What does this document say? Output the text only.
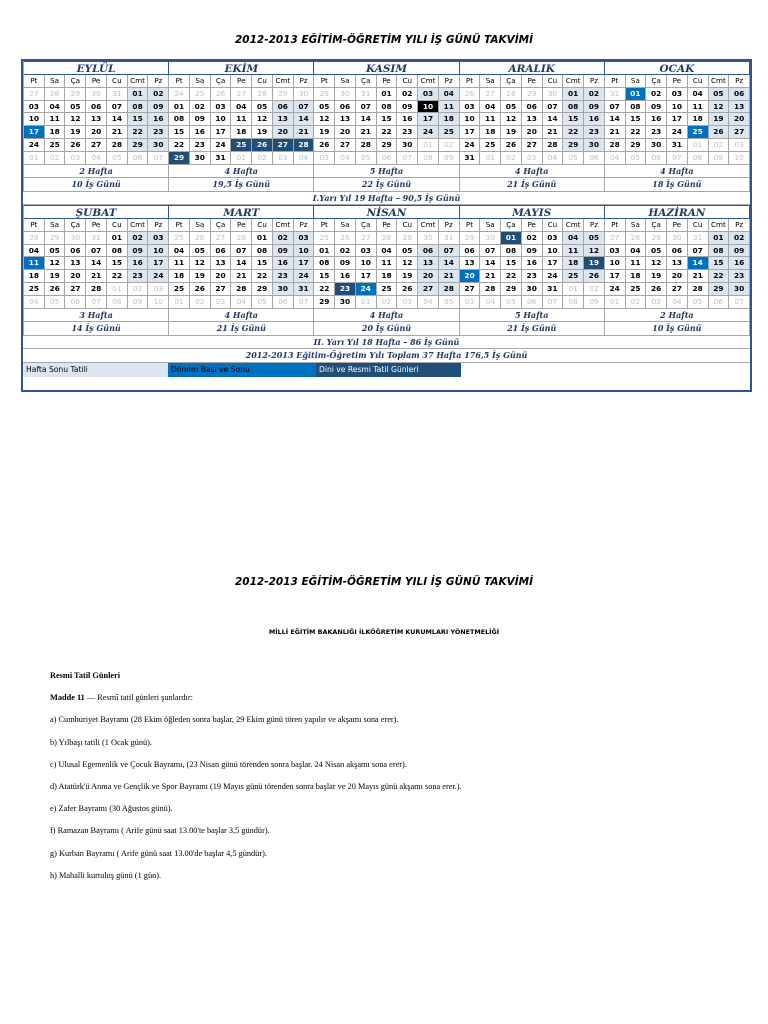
2012-2013 EĞİTİM-ÖĞRETİM YILI İŞ GÜNÜ TAKVİMİ
EYLÜL	EKİM	KASIM	ARALIK	OCAK
Pt	Sa	Ça	Pe	Cu	Cmt	Pz	Pt	Sa	Ça	Pe	Cu	Cmt	Pz	Pt	Sa	Ça	Pe	Cu	Cmt	Pz	Pt	Sa	Ça	Pe	Cu	Cmt	Pz	Pt	Sa	Ça	Pe	Cu	Cmt	Pz
27	28	29	30	31	01	02	24	25	26	27	28	29	30	29	30	31	01	02	03	04	26	27	28	29	30	01	02	31	01	02	03	04	05	06
03	04	05	06	07	08	09	01	02	03	04	05	06	07	05	06	07	08	09	10	11	03	04	05	06	07	08	09	07	08	09	10	11	12	13
10	11	12	13	14	15	16	08	09	10	11	12	13	14	12	13	14	15	16	17	18	10	11	12	13	14	15	16	14	15	16	17	18	19	20
17	18	19	20	21	22	23	15	16	17	18	19	20	21	19	20	21	22	23	24	25	17	18	19	20	21	22	23	21	22	23	24	25	26	27
24	25	26	27	28	29	30	22	23	24	25	26	27	28	26	27	28	29	30	01	02	24	25	26	27	28	29	30	28	29	30	31	01	02	03
01	02	03	04	05	06	07	29	30	31	01	02	03	04	03	04	05	06	07	08	09	31	01	02	03	04	05	06	04	05	06	07	08	09	10
2 Hafta	4 Hafta	5 Hafta	4 Hafta	4 Hafta
10 İş Günü	19,5 İş Günü	22 İş Günü	21 İş Günü	18 İş Günü
I.Yarı Yıl 19 Hafta – 90,5 İş Günü
ŞUBAT	MART	NİSAN	MAYIS	HAZİRAN
Pt	Sa	Ça	Pe	Cu	Cmt	Pz	Pt	Sa	Ça	Pe	Cu	Cmt	Pz	Pt	Sa	Ça	Pe	Cu	Cmt	Pz	Pt	Sa	Ça	Pe	Cu	Cmt	Pz	Pt	Sa	Ça	Pe	Cu	Cmt	Pz
28	29	30	31	01	02	03	25	26	27	28	01	02	03	25	26	27	28	29	30	31	29	30	01	02	03	04	05	27	28	29	30	31	01	02
04	05	06	07	08	09	10	04	05	06	07	08	09	10	01	02	03	04	05	06	07	06	07	08	09	10	11	12	03	04	05	06	07	08	09
11	12	13	14	15	16	17	11	12	13	14	15	16	17	08	09	10	11	12	13	14	13	14	15	16	17	18	19	10	11	12	13	14	15	16
18	19	20	21	22	23	24	18	19	20	21	22	23	24	15	16	17	18	19	20	21	20	21	22	23	24	25	26	17	18	19	20	21	22	23
25	26	27	28	01	02	03	25	26	27	28	29	30	31	22	23	24	25	26	27	28	27	28	29	30	31	01	02	24	25	26	27	28	29	30
04	05	06	07	08	09	10	01	02	03	04	05	06	07	29	30	01	02	03	04	05	03	04	05	06	07	08	09	01	02	03	04	05	06	07
3 Hafta	4 Hafta	4 Hafta	5 Hafta	2 Hafta
14 İş Günü	21 İş Günü	20 İş Günü	21 İş Günü	10 İş Günü
II. Yarı Yıl 18 Hafta – 86 İş Günü
2012-2013 Eğitim-Öğretim Yılı Toplam 37 Hafta 176,5 İş Günü
Hafta Sonu Tatili	Dönem Başı ve Sonu	Dini ve Resmi Tatil Günleri
2012-2013 EĞİTİM-ÖĞRETİM YILI İŞ GÜNÜ TAKVİMİ
MİLLÎ EĞİTİM BAKANLIĞI İLKÖĞRETİM KURUMLARI YÖNETMELİĞİ
Resmi Tatil Günleri
Madde 11 — Resmî tatil günleri şunlardır:
a) Cumhuriyet Bayramı (28 Ekim öğleden sonra başlar, 29 Ekim günü tören yapılır ve akşamı sona erer).
b) Yılbaşı tatili (1 Ocak günü).
c) Ulusal Egemenlik ve Çocuk Bayramı, (23 Nisan günü törenden sonra başlar. 24 Nisan akşamı sona erer).
d) Atatürk'ü Anma ve Gençlik ve Spor Bayramı (19 Mayıs günü törenden sonra başlar ve 20 Mayıs günü akşamı sona erer.).
e) Zafer Bayramı (30 Ağustos günü).
f) Ramazan Bayramı ( Arife günü saat 13.00'te başlar 3,5 gündür).
g) Kurban Bayramı ( Arife günü saat 13.00'de başlar 4,5 gündür).
h) Mahalli kurtuluş günü (1 gün).
